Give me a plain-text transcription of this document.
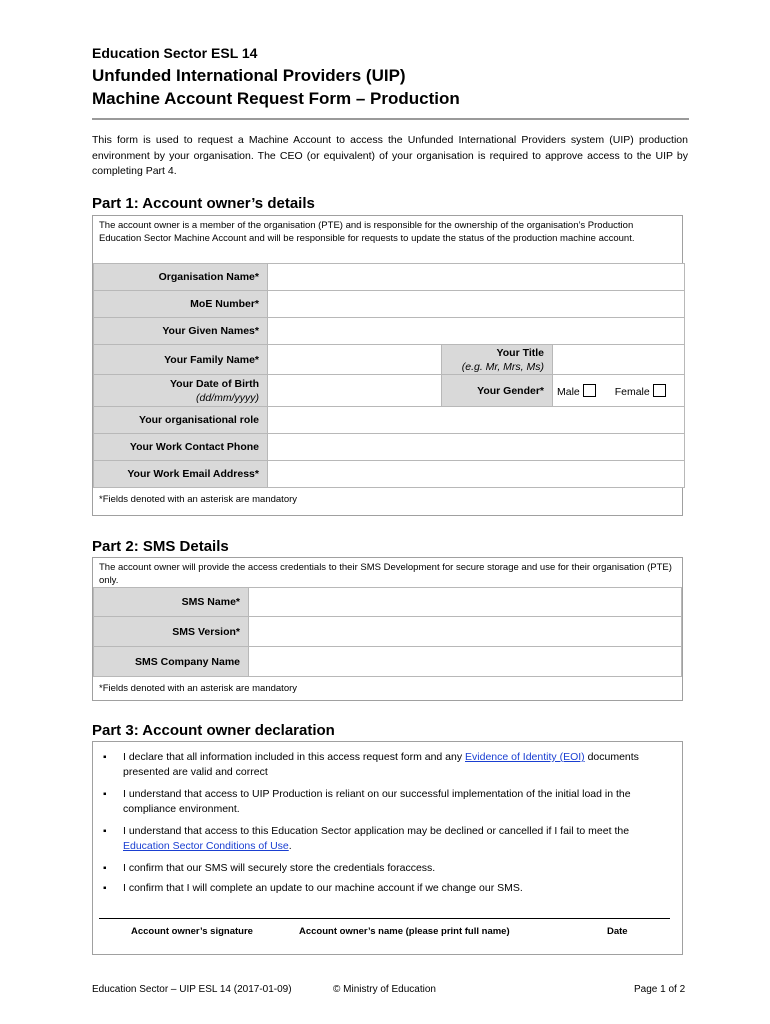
Education Sector ESL 14
Unfunded International Providers (UIP)
Machine Account Request Form – Production
This form is used to request a Machine Account to access the Unfunded International Providers system (UIP) production environment by your organisation. The CEO (or equivalent) of your organisation is required to approve access to the UIP by completing Part 4.
Part 1: Account owner’s details
The account owner is a member of the organisation (PTE) and is responsible for the ownership of the organisation’s Production Education Sector Machine Account and will be responsible for requests to update the status of the production machine account.
Organisation Name*			
MoE Number*			
Your Given Names*			
Your Family Name*		Your Title
(e.g. Mr, Mrs, Ms)	

Your Date of Birth
(dd/mm/yyyy)		Your Gender*	Male Female
Your organisational role			
Your Work Contact Phone			
Your Work Email Address*			
*Fields denoted with an asterisk are mandatory
Part 2: SMS Details
The account owner will provide the access credentials to their SMS Development for secure storage and use for their organisation (PTE) only.
SMS Name*	
SMS Version*	
SMS Company Name	
*Fields denoted with an asterisk are mandatory
Part 3: Account owner declaration
▪ I declare that all information included in this access request form and any Evidence of Identity (EOI) documents presented are valid and correct
▪ I understand that access to UIP Production is reliant on our successful implementation of the initial load in the compliance environment.
▪ I understand that access to this Education Sector application may be declined or cancelled if I fail to meet the Education Sector Conditions of Use.
▪ I confirm that our SMS will securely store the credentials foraccess.
▪ I confirm that I will complete an update to our machine account if we change our SMS.
Account owner’s signature	Account owner’s name (please print full name)	Date
Education Sector – UIP ESL 14 (2017-01-09)	© Ministry of Education	Page 1 of 2
